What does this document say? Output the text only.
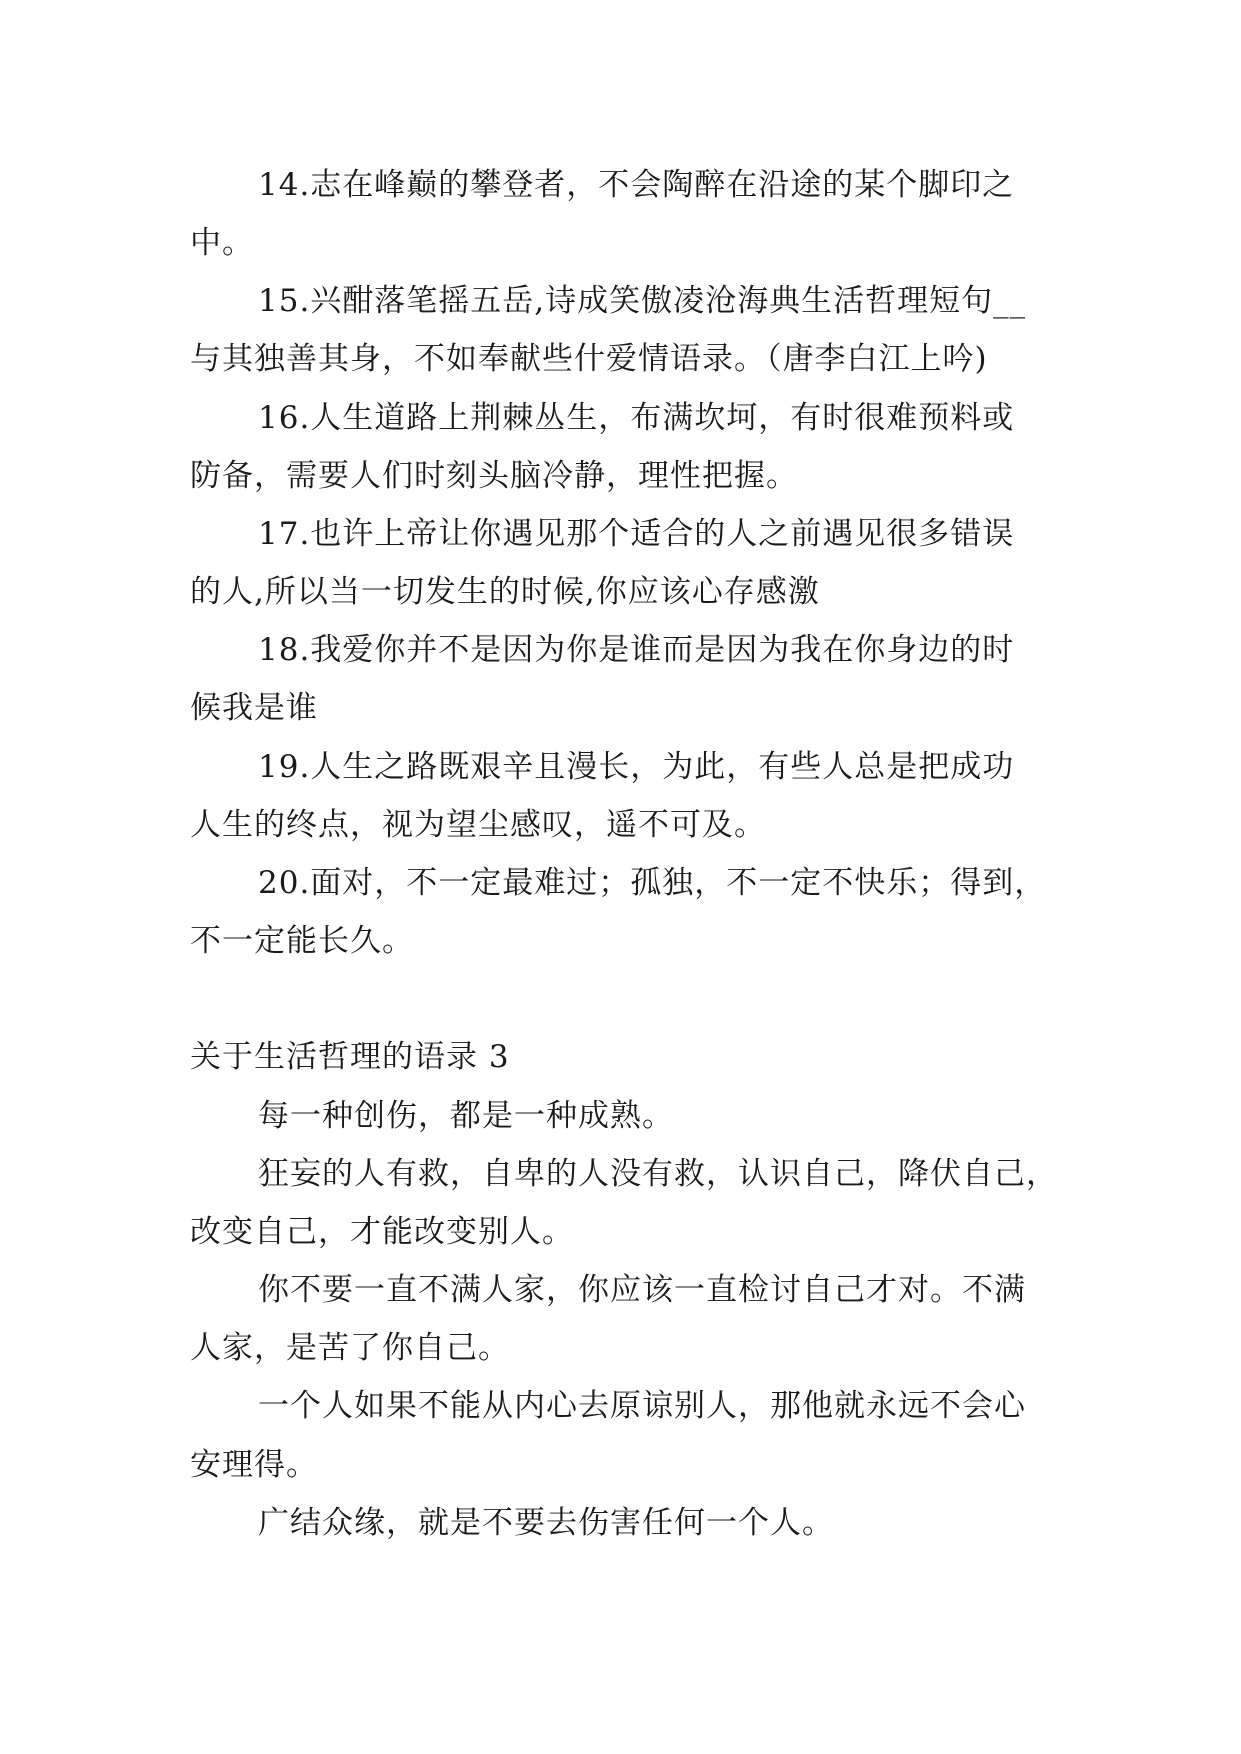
14.志在峰巅的攀登者，不会陶醉在沿途的某个脚印之
中。
15.兴酣落笔摇五岳,诗成笑傲凌沧海典生活哲理短句__
与其独善其身，不如奉献些什爱情语录。（唐李白江上吟)
16.人生道路上荆棘丛生，布满坎坷，有时很难预料或
防备，需要人们时刻头脑冷静，理性把握。
17.也许上帝让你遇见那个适合的人之前遇见很多错误
的人,所以当一切发生的时候,你应该心存感激
18.我爱你并不是因为你是谁而是因为我在你身边的时
候我是谁
19.人生之路既艰辛且漫长，为此，有些人总是把成功
人生的终点，视为望尘感叹，遥不可及。
20.面对，不一定最难过；孤独，不一定不快乐；得到，
不一定能长久。
关于生活哲理的语录 3
每一种创伤，都是一种成熟。
狂妄的人有救，自卑的人没有救，认识自己，降伏自己，
改变自己，才能改变别人。
你不要一直不满人家，你应该一直检讨自己才对。不满
人家，是苦了你自己。
一个人如果不能从内心去原谅别人，那他就永远不会心
安理得。
广结众缘，就是不要去伤害任何一个人。
